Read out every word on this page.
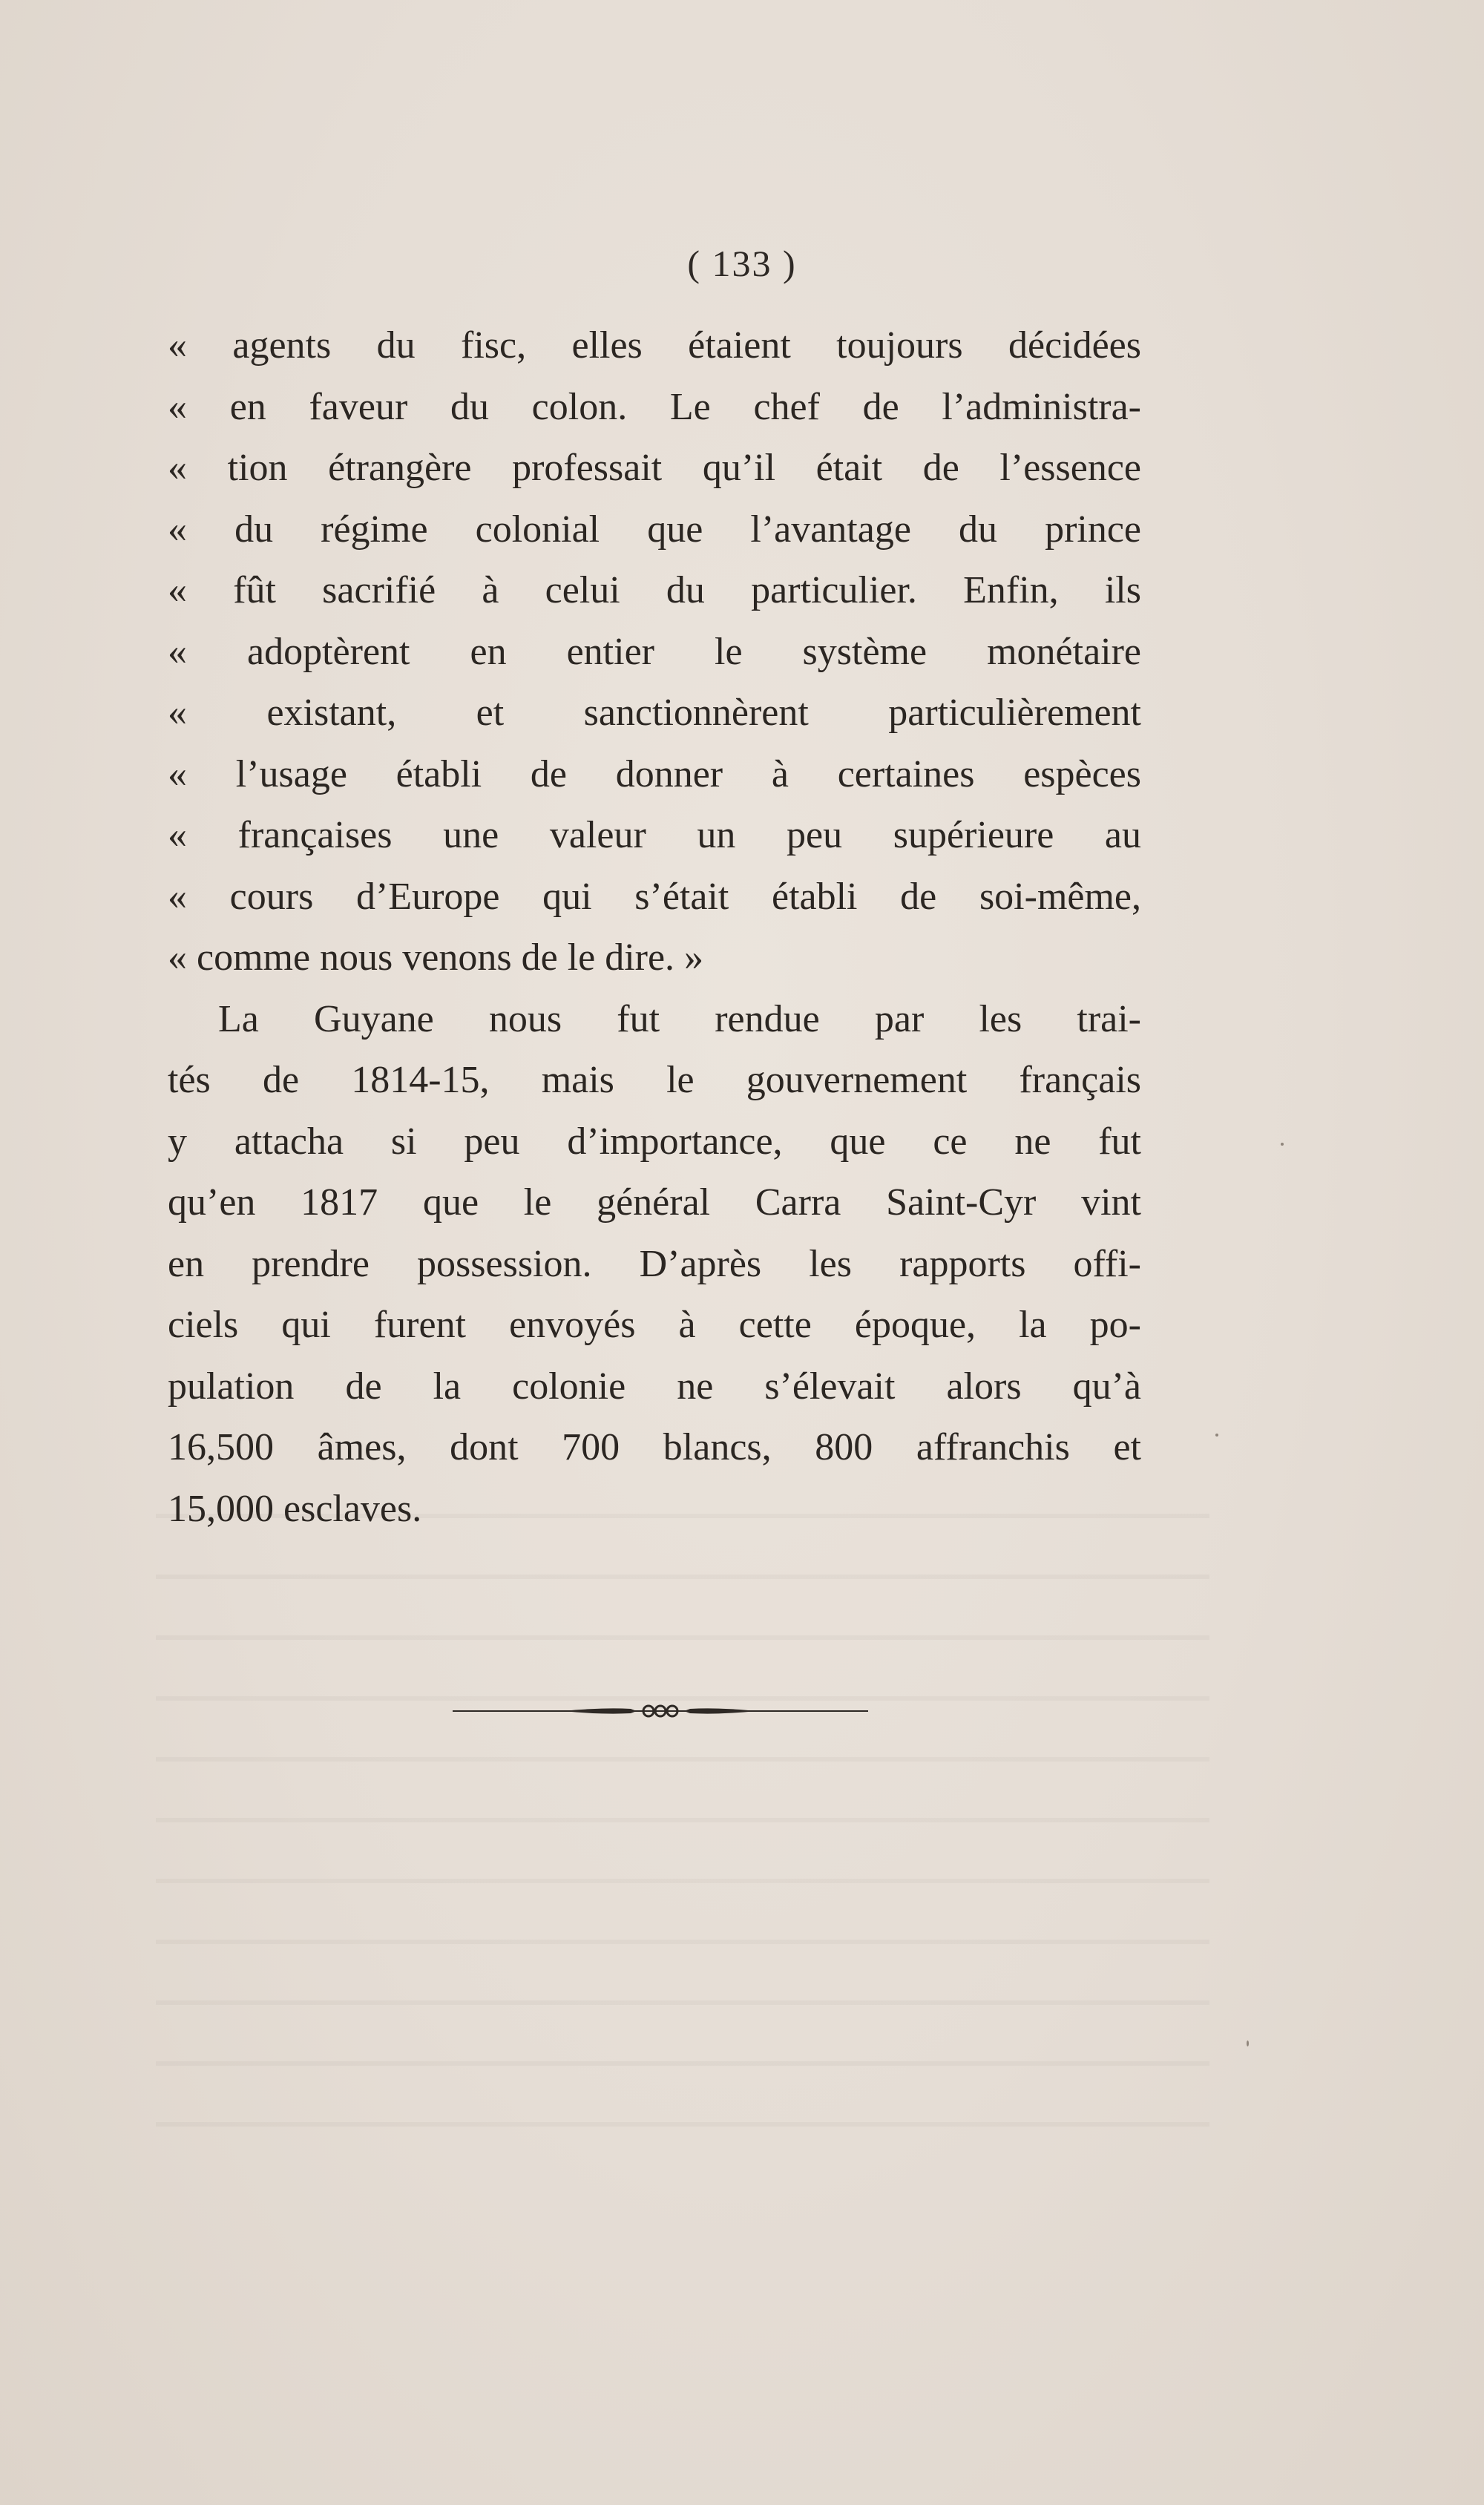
( 133 )
« agents du fisc, elles étaient toujours décidées
« en faveur du colon. Le chef de l’administra-
« tion étrangère professait qu’il était de l’essence
« du régime colonial que l’avantage du prince
« fût sacrifié à celui du particulier. Enfin, ils
« adoptèrent en entier le système monétaire
« existant, et sanctionnèrent particulièrement
« l’usage établi de donner à certaines espèces
« françaises une valeur un peu supérieure au
« cours d’Europe qui s’était établi de soi-même,
« comme nous venons de le dire. »
La Guyane nous fut rendue par les trai-
tés de 1814-15, mais le gouvernement français
y attacha si peu d’importance, que ce ne fut
qu’en 1817 que le général Carra Saint-Cyr vint
en prendre possession. D’après les rapports offi-
ciels qui furent envoyés à cette époque, la po-
pulation de la colonie ne s’élevait alors qu’à
16,500 âmes, dont 700 blancs, 800 affranchis et
15,000 esclaves.
